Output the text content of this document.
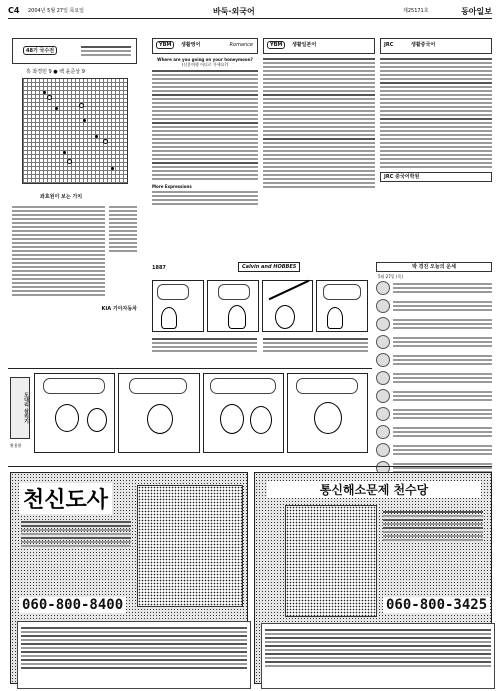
C4 2004년 5월 27일 목요일	바둑·외국어	제25171호	동아일보
48기 국수전
흑 좌경민 9 ● 백 윤준상 9
좌효원이 보는 가치
KIA 기아자동차
YBM	생활영어	Romance
Where are you going on your honeymoon?
(신혼여행 어디로 가세요?)
More Expressions
YBM	생활일본어	JRC	생활중국어
JRC 중국어학원
1887	Calvin and HOBBES	박 경진 오늘의 운세
5월 27일 (목)
도대리 살리기
황용환
천신도사
060-800-8400
통신해소문제 천수당
060-800-3425
